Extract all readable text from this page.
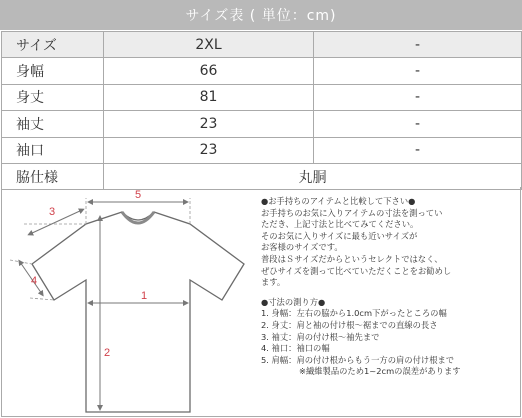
サイズ表 ( 単位：cm)
サイズ	2XL	-
身幅	66	-
身丈	81	-
袖丈	23	-
袖口	23	-
脇仕様	丸胴	
5
3
4
1
2
●お手持ちのアイテムと比較して下さい●
お手持ちのお気に入りアイテムの寸法を測ってい
ただき、上記寸法と比べてみてください。
そのお気に入りサイズに最も近いサイズが
お客様のサイズです。
普段はＳサイズだからというセレクトではなく、
ぜひサイズを測って比べていただくことをお勧めし
ます。
●寸法の測り方●
1. 身幅：左右の脇から1.0cm下がったところの幅
2. 身丈：肩と袖の付け根～裾までの直線の長さ
3. 袖丈：肩の付け根～袖先まで
4. 袖口：袖口の幅
5. 肩幅：肩の付け根からもう一方の肩の付け根まで
※繊維製品のため1~2cmの誤差があります
